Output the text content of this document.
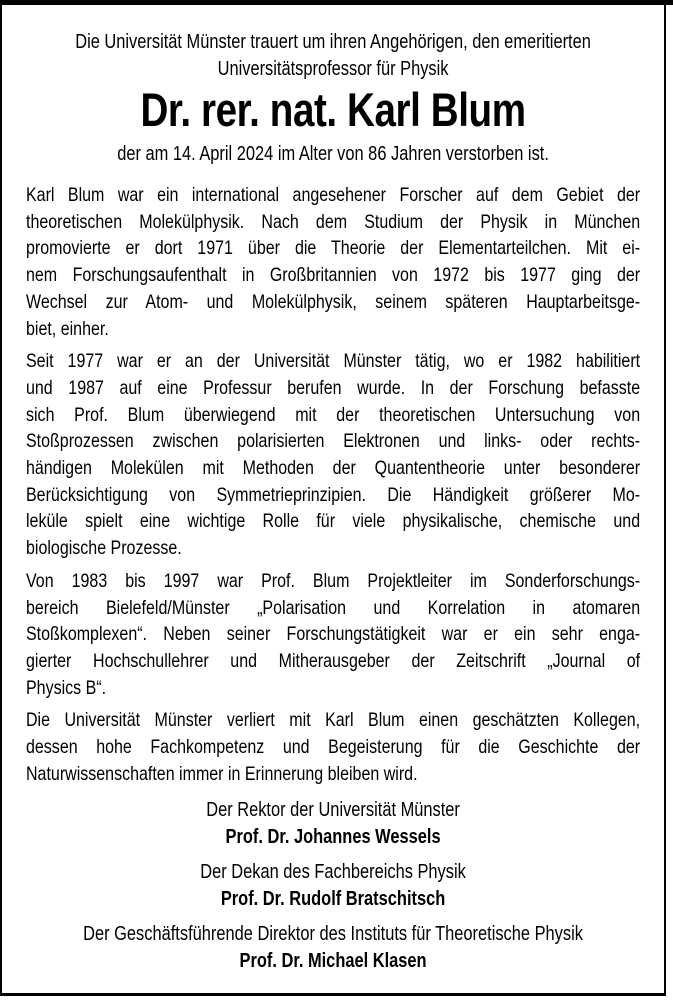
Die Universität Münster trauert um ihren Angehörigen, den emeritierten
Universitätsprofessor für Physik
Dr. rer. nat. Karl Blum
der am 14. April 2024 im Alter von 86 Jahren verstorben ist.
Karl Blum war ein international angesehener Forscher auf dem Gebiet der
theoretischen Molekülphysik. Nach dem Studium der Physik in München
promovierte er dort 1971 über die Theorie der Elementarteilchen. Mit ei-
nem Forschungsaufenthalt in Großbritannien von 1972 bis 1977 ging der
Wechsel zur Atom- und Molekülphysik, seinem späteren Hauptarbeitsge-
biet, einher.
Seit 1977 war er an der Universität Münster tätig, wo er 1982 habilitiert
und 1987 auf eine Professur berufen wurde. In der Forschung befasste
sich Prof. Blum überwiegend mit der theoretischen Untersuchung von
Stoßprozessen zwischen polarisierten Elektronen und links- oder rechts-
händigen Molekülen mit Methoden der Quantentheorie unter besonderer
Berücksichtigung von Symmetrieprinzipien. Die Händigkeit größerer Mo-
leküle spielt eine wichtige Rolle für viele physikalische, chemische und
biologische Prozesse.
Von 1983 bis 1997 war Prof. Blum Projektleiter im Sonderforschungs-
bereich Bielefeld/Münster „Polarisation und Korrelation in atomaren
Stoßkomplexen“. Neben seiner Forschungstätigkeit war er ein sehr enga-
gierter Hochschullehrer und Mitherausgeber der Zeitschrift „Journal of
Physics B“.
Die Universität Münster verliert mit Karl Blum einen geschätzten Kollegen,
dessen hohe Fachkompetenz und Begeisterung für die Geschichte der
Naturwissenschaften immer in Erinnerung bleiben wird.
Der Rektor der Universität Münster
Prof. Dr. Johannes Wessels
Der Dekan des Fachbereichs Physik
Prof. Dr. Rudolf Bratschitsch
Der Geschäftsführende Direktor des Instituts für Theoretische Physik
Prof. Dr. Michael Klasen
